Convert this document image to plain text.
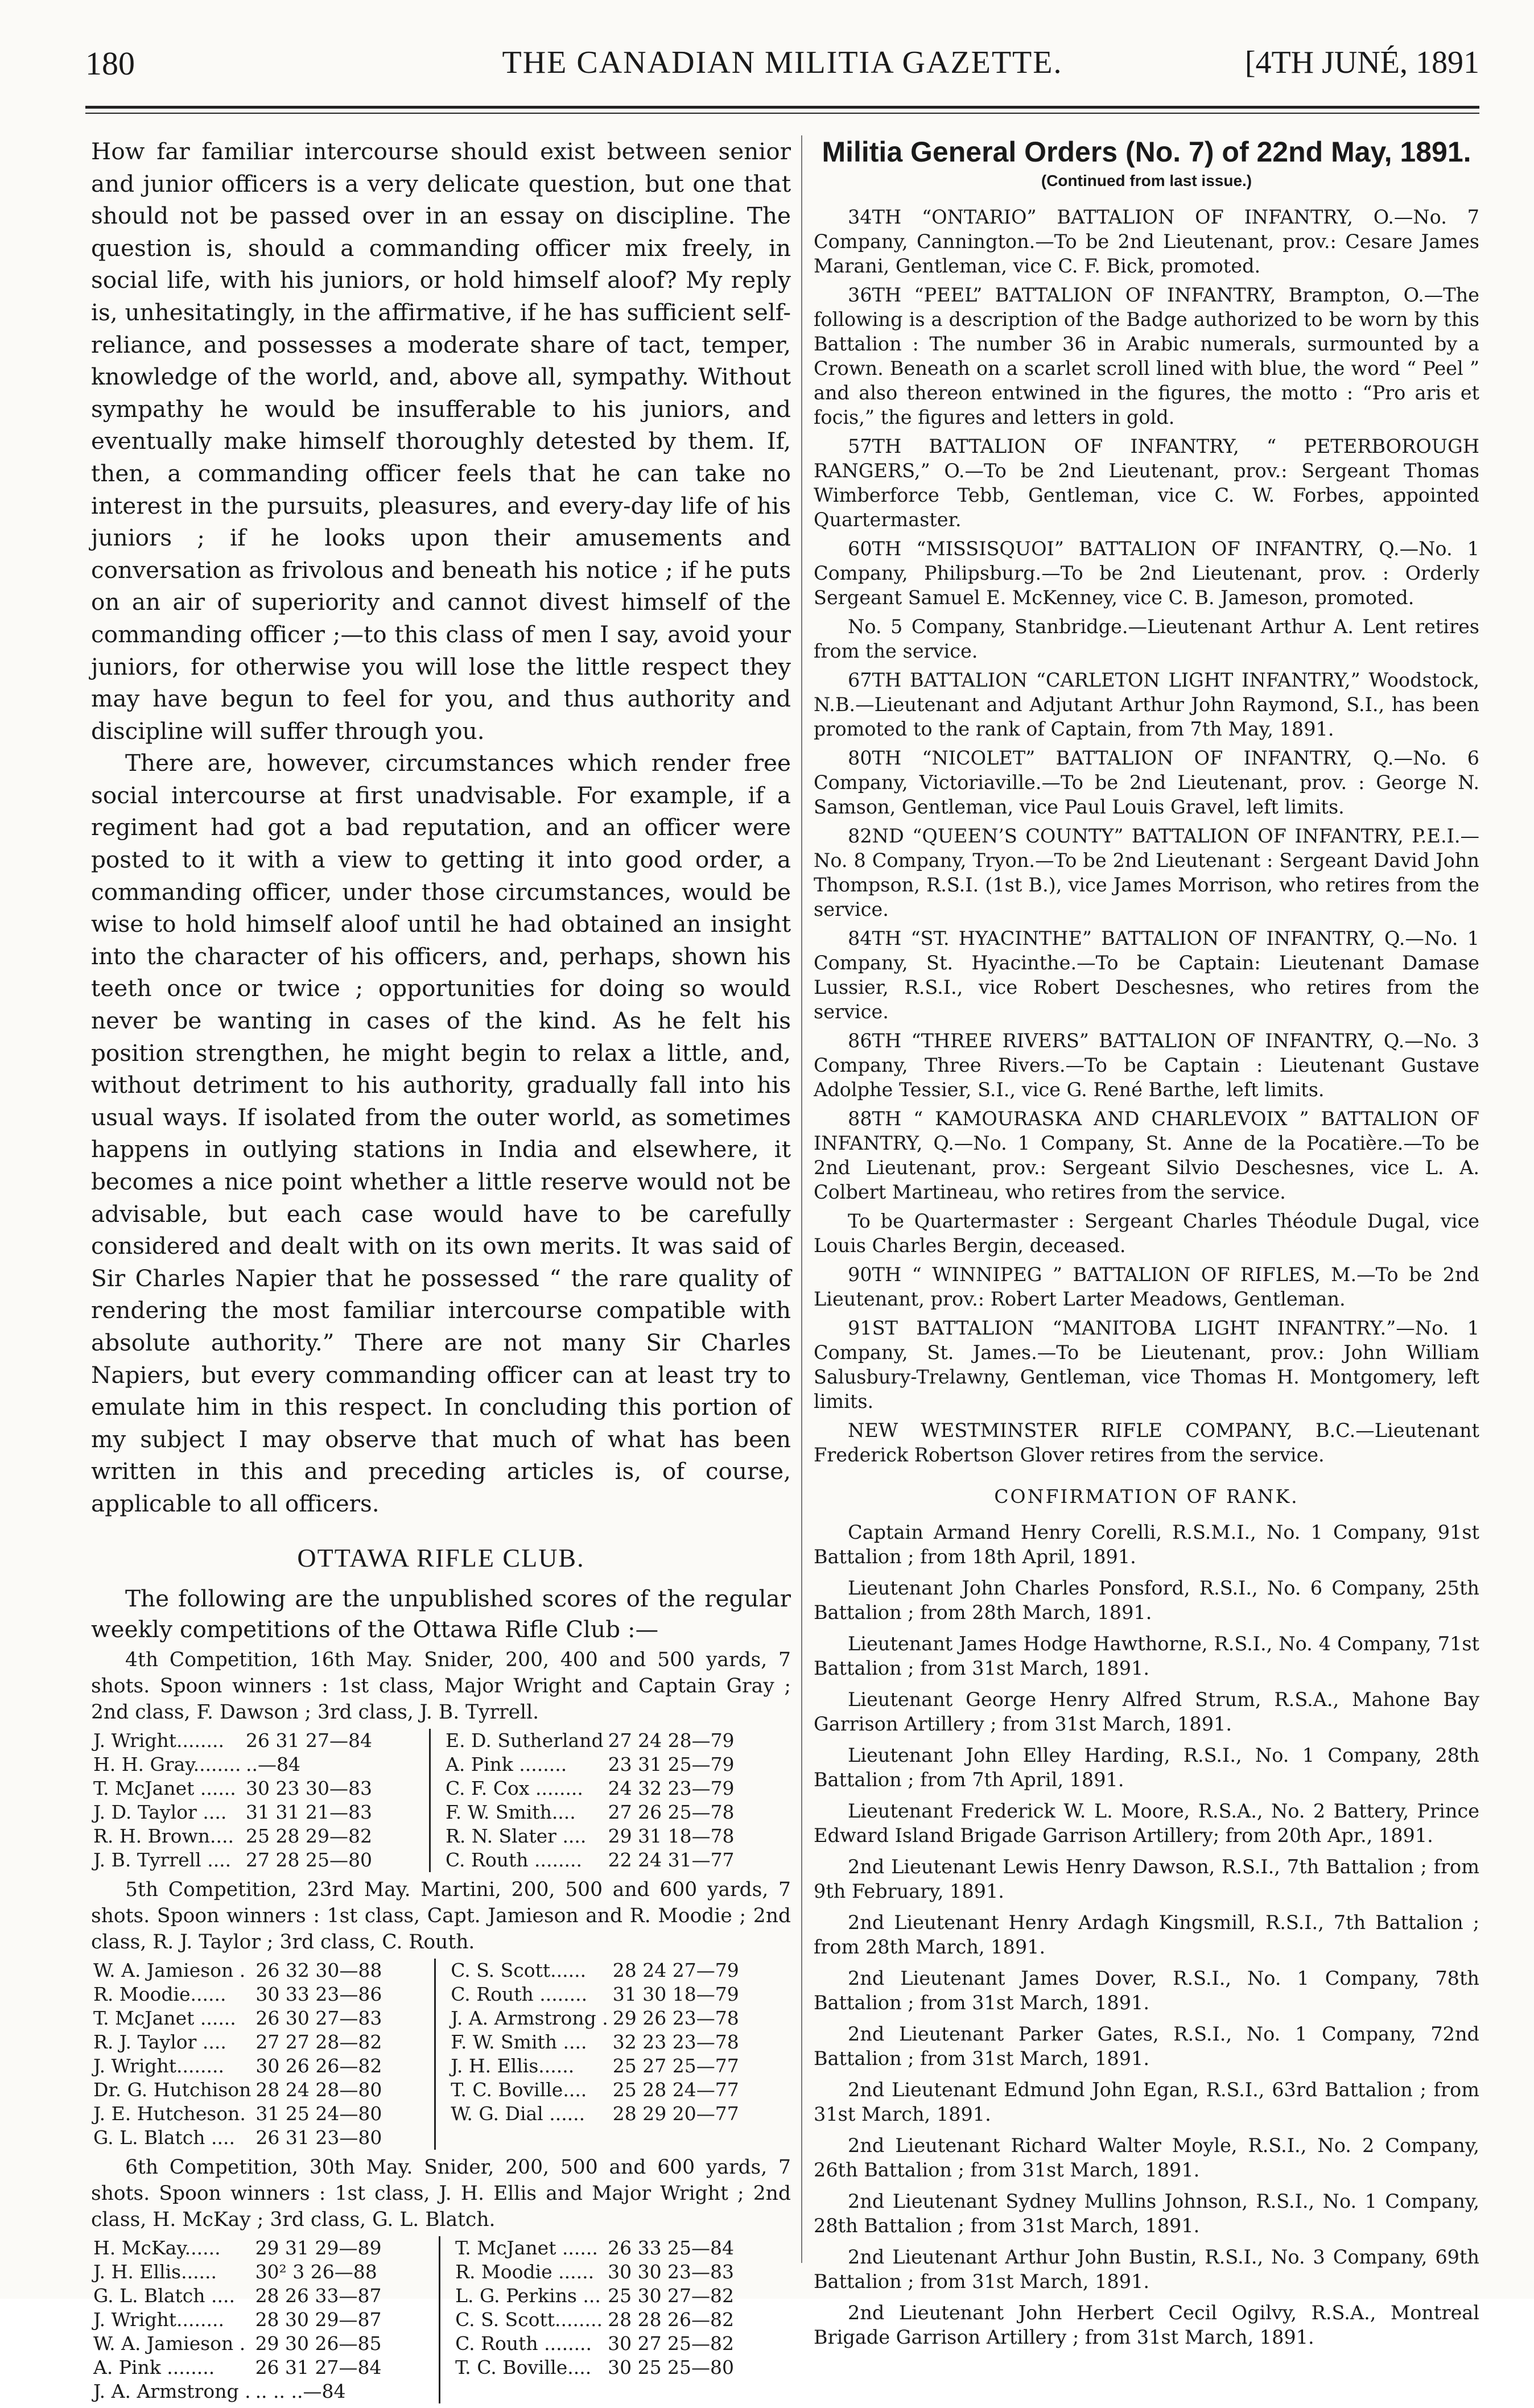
180	THE CANADIAN MILITIA GAZETTE.	[4TH JUNÉ, 1891

How far familiar intercourse should exist between senior and junior officers is a very delicate question, but one that should not be passed over in an essay on discipline. The question is, should a commanding officer mix freely, in social life, with his juniors, or hold himself aloof? My reply is, unhesitatingly, in the affirmative, if he has sufficient self-reliance, and possesses a moderate share of tact, temper, knowledge of the world, and, above all, sympathy. Without sympathy he would be insufferable to his juniors, and eventually make himself thoroughly detested by them. If, then, a commanding officer feels that he can take no interest in the pursuits, pleasures, and every-day life of his juniors ; if he looks upon their amusements and conversation as frivolous and beneath his notice ; if he puts on an air of superiority and cannot divest himself of the commanding officer ;—to this class of men I say, avoid your juniors, for otherwise you will lose the little respect they may have begun to feel for you, and thus authority and discipline will suffer through you.

There are, however, circumstances which render free social intercourse at first unadvisable. For example, if a regiment had got a bad reputation, and an officer were posted to it with a view to getting it into good order, a commanding officer, under those circumstances, would be wise to hold himself aloof until he had obtained an insight into the character of his officers, and, perhaps, shown his teeth once or twice ; opportunities for doing so would never be wanting in cases of the kind. As he felt his position strengthen, he might begin to relax a little, and, without detriment to his authority, gradually fall into his usual ways. If isolated from the outer world, as sometimes happens in outlying stations in India and elsewhere, it becomes a nice point whether a little reserve would not be advisable, but each case would have to be carefully considered and dealt with on its own merits. It was said of Sir Charles Napier that he possessed “ the rare quality of rendering the most familiar intercourse compatible with absolute authority.” There are not many Sir Charles Napiers, but every commanding officer can at least try to emulate him in this respect. In concluding this portion of my subject I may observe that much of what has been written in this and preceding articles is, of course, applicable to all officers.

OTTAWA RIFLE CLUB.

The following are the unpublished scores of the regular weekly competitions of the Ottawa Rifle Club :—

4th Competition, 16th May. Snider, 200, 400 and 500 yards, 7 shots. Spoon winners : 1st class, Major Wright and Captain Gray ; 2nd class, F. Dawson ; 3rd class, J. B. Tyrrell.

J. Wright........	26 31 27—84	E. D. Sutherland	27 24 28—79
H. H. Gray........	..—84	A. Pink ........	23 31 25—79
T. McJanet ......	30 23 30—83	C. F. Cox ........	24 32 23—79
J. D. Taylor ....	31 31 21—83	F. W. Smith....	27 26 25—78
R. H. Brown....	25 28 29—82	R. N. Slater ....	29 31 18—78
J. B. Tyrrell ....	27 28 25—80	C. Routh ........	22 24 31—77

5th Competition, 23rd May. Martini, 200, 500 and 600 yards, 7 shots. Spoon winners : 1st class, Capt. Jamieson and R. Moodie ; 2nd class, R. J. Taylor ; 3rd class, C. Routh.

W. A. Jamieson .	26 32 30—88	C. S. Scott......	28 24 27—79
R. Moodie......	30 33 23—86	C. Routh ........	31 30 18—79
T. McJanet ......	26 30 27—83	J. A. Armstrong .	29 26 23—78
R. J. Taylor ....	27 27 28—82	F. W. Smith ....	32 23 23—78
J. Wright........	30 26 26—82	J. H. Ellis......	25 27 25—77
Dr. G. Hutchison	28 24 28—80	T. C. Boville....	25 28 24—77
J. E. Hutcheson.	31 25 24—80	W. G. Dial ......	28 29 20—77
G. L. Blatch ....	26 31 23—80		

6th Competition, 30th May. Snider, 200, 500 and 600 yards, 7 shots. Spoon winners : 1st class, J. H. Ellis and Major Wright ; 2nd class, H. McKay ; 3rd class, G. L. Blatch.

H. McKay......	29 31 29—89	T. McJanet ......	26 33 25—84
J. H. Ellis......	30² 3 26—88	R. Moodie ......	30 30 23—83
G. L. Blatch ....	28 26 33—87	L. G. Perkins ...	25 30 27—82
J. Wright........	28 30 29—87	C. S. Scott........	28 28 26—82
W. A. Jamieson .	29 30 26—85	C. Routh ........	30 27 25—82
A. Pink ........	26 31 27—84	T. C. Boville....	30 25 25—80
J. A. Armstrong .	.. .. ..—84		
Militia General Orders (No. 7) of 22nd May, 1891.
(Continued from last issue.)

34TH “ONTARIO” BATTALION OF INFANTRY, O.—No. 7 Company, Cannington.—To be 2nd Lieutenant, prov.: Cesare James Marani, Gentleman, vice C. F. Bick, promoted.

36TH “PEEL” BATTALION OF INFANTRY, Brampton, O.—The following is a description of the Badge authorized to be worn by this Battalion : The number 36 in Arabic numerals, surmounted by a Crown. Beneath on a scarlet scroll lined with blue, the word “ Peel ” and also thereon entwined in the figures, the motto : “Pro aris et focis,” the figures and letters in gold.

57TH BATTALION OF INFANTRY, “ PETERBOROUGH RANGERS,” O.—To be 2nd Lieutenant, prov.: Sergeant Thomas Wimberforce Tebb, Gentleman, vice C. W. Forbes, appointed Quartermaster.

60TH “MISSISQUOI” BATTALION OF INFANTRY, Q.—No. 1 Company, Philipsburg.—To be 2nd Lieutenant, prov. : Orderly Sergeant Samuel E. McKenney, vice C. B. Jameson, promoted.

No. 5 Company, Stanbridge.—Lieutenant Arthur A. Lent retires from the service.

67TH BATTALION “CARLETON LIGHT INFANTRY,” Woodstock, N.B.—Lieutenant and Adjutant Arthur John Raymond, S.I., has been promoted to the rank of Captain, from 7th May, 1891.

80TH “NICOLET” BATTALION OF INFANTRY, Q.—No. 6 Company, Victoriaville.—To be 2nd Lieutenant, prov. : George N. Samson, Gentleman, vice Paul Louis Gravel, left limits.

82ND “QUEEN’S COUNTY” BATTALION OF INFANTRY, P.E.I.—No. 8 Company, Tryon.—To be 2nd Lieutenant : Sergeant David John Thompson, R.S.I. (1st B.), vice James Morrison, who retires from the service.

84TH “ST. HYACINTHE” BATTALION OF INFANTRY, Q.—No. 1 Company, St. Hyacinthe.—To be Captain: Lieutenant Damase Lussier, R.S.I., vice Robert Deschesnes, who retires from the service.

86TH “THREE RIVERS” BATTALION OF INFANTRY, Q.—No. 3 Company, Three Rivers.—To be Captain : Lieutenant Gustave Adolphe Tessier, S.I., vice G. René Barthe, left limits.

88TH “ KAMOURASKA AND CHARLEVOIX ” BATTALION OF INFANTRY, Q.—No. 1 Company, St. Anne de la Pocatière.—To be 2nd Lieutenant, prov.: Sergeant Silvio Deschesnes, vice L. A. Colbert Martineau, who retires from the service.

To be Quartermaster : Sergeant Charles Théodule Dugal, vice Louis Charles Bergin, deceased.

90TH “ WINNIPEG ” BATTALION OF RIFLES, M.—To be 2nd Lieutenant, prov.: Robert Larter Meadows, Gentleman.

91ST BATTALION “MANITOBA LIGHT INFANTRY.”—No. 1 Company, St. James.—To be Lieutenant, prov.: John William Salusbury-Trelawny, Gentleman, vice Thomas H. Montgomery, left limits.

NEW WESTMINSTER RIFLE COMPANY, B.C.—Lieutenant Frederick Robertson Glover retires from the service.

CONFIRMATION OF RANK.

Captain Armand Henry Corelli, R.S.M.I., No. 1 Company, 91st Battalion ; from 18th April, 1891.

Lieutenant John Charles Ponsford, R.S.I., No. 6 Company, 25th Battalion ; from 28th March, 1891.

Lieutenant James Hodge Hawthorne, R.S.I., No. 4 Company, 71st Battalion ; from 31st March, 1891.

Lieutenant George Henry Alfred Strum, R.S.A., Mahone Bay Garrison Artillery ; from 31st March, 1891.

Lieutenant John Elley Harding, R.S.I., No. 1 Company, 28th Battalion ; from 7th April, 1891.

Lieutenant Frederick W. L. Moore, R.S.A., No. 2 Battery, Prince Edward Island Brigade Garrison Artillery; from 20th Apr., 1891.

2nd Lieutenant Lewis Henry Dawson, R.S.I., 7th Battalion ; from 9th February, 1891.

2nd Lieutenant Henry Ardagh Kingsmill, R.S.I., 7th Battalion ; from 28th March, 1891.

2nd Lieutenant James Dover, R.S.I., No. 1 Company, 78th Battalion ; from 31st March, 1891.

2nd Lieutenant Parker Gates, R.S.I., No. 1 Company, 72nd Battalion ; from 31st March, 1891.

2nd Lieutenant Edmund John Egan, R.S.I., 63rd Battalion ; from 31st March, 1891.

2nd Lieutenant Richard Walter Moyle, R.S.I., No. 2 Company, 26th Battalion ; from 31st March, 1891.

2nd Lieutenant Sydney Mullins Johnson, R.S.I., No. 1 Company, 28th Battalion ; from 31st March, 1891.

2nd Lieutenant Arthur John Bustin, R.S.I., No. 3 Company, 69th Battalion ; from 31st March, 1891.

2nd Lieutenant John Herbert Cecil Ogilvy, R.S.A., Montreal Brigade Garrison Artillery ; from 31st March, 1891.
